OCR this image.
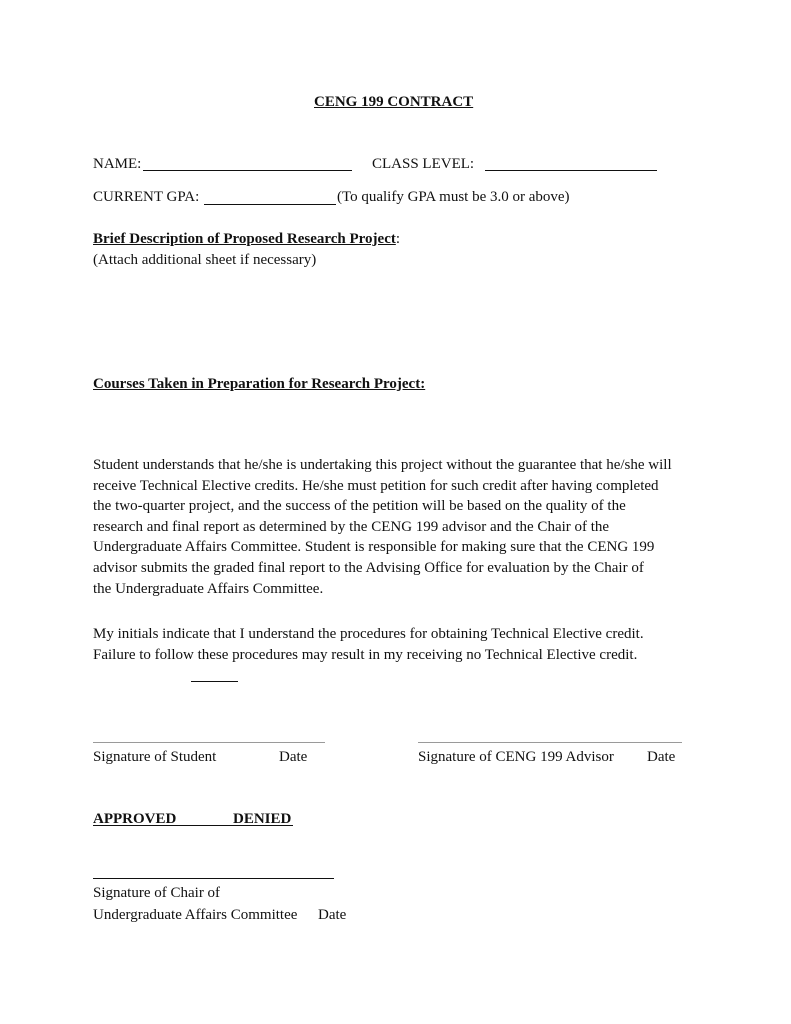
CENG 199 CONTRACT
NAME:	CLASS LEVEL:
CURRENT GPA:	(To qualify GPA must be 3.0 or above)
Brief Description of Proposed Research Project:
(Attach additional sheet if necessary)
Courses Taken in Preparation for Research Project:
Student understands that he/she is undertaking this project without the guarantee that he/she will
receive Technical Elective credits. He/she must petition for such credit after having completed
the two-quarter project, and the success of the petition will be based on the quality of the
research and final report as determined by the CENG 199 advisor and the Chair of the
Undergraduate Affairs Committee. Student is responsible for making sure that the CENG 199
advisor submits the graded final report to the Advising Office for evaluation by the Chair of
the Undergraduate Affairs Committee.
My initials indicate that I understand the procedures for obtaining Technical Elective credit.
Failure to follow these procedures may result in my receiving no Technical Elective credit.
Signature of Student	Date	Signature of CENG 199 Advisor Date
APPROVED	DENIED
Signature of Chair of
Undergraduate Affairs Committee Date
